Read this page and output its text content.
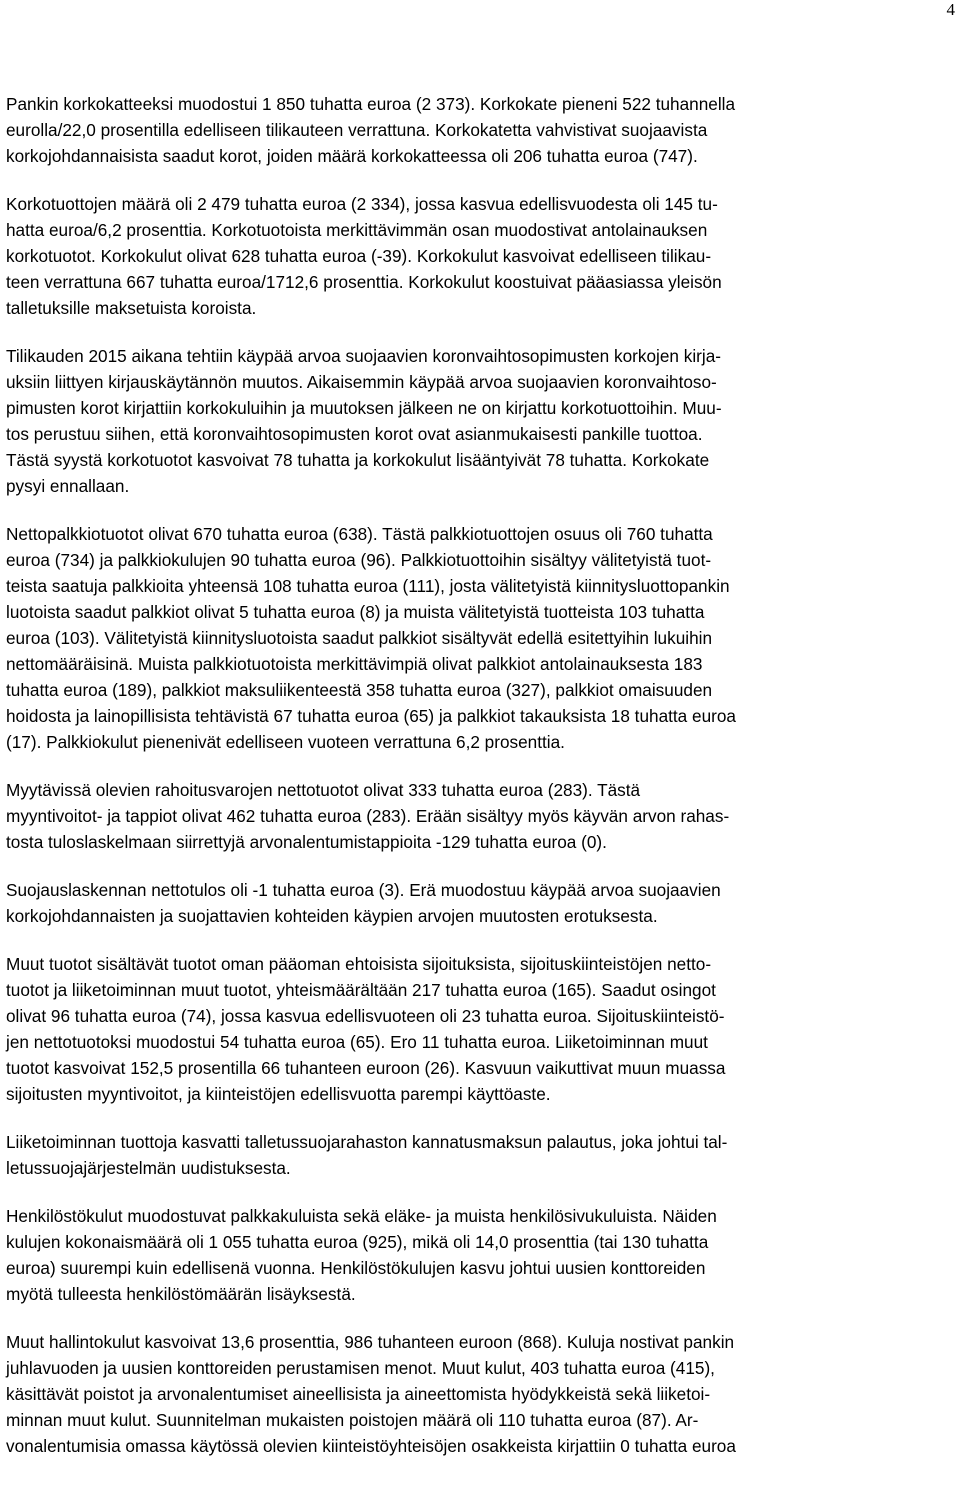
4

Pankin korkokatteeksi muodostui 1 850 tuhatta euroa (2 373). Korkokate pieneni 522 tuhannella
eurolla/22,0 prosentilla edelliseen tilikauteen verrattuna. Korkokatetta vahvistivat suojaavista
korkojohdannaisista saadut korot, joiden määrä korkokatteessa oli 206 tuhatta euroa (747).

Korkotuottojen määrä oli 2 479 tuhatta euroa (2 334), jossa kasvua edellisvuodesta oli 145 tu-
hatta euroa/6,2 prosenttia. Korkotuotoista merkittävimmän osan muodostivat antolainauksen
korkotuotot. Korkokulut olivat 628 tuhatta euroa (-39). Korkokulut kasvoivat edelliseen tilikau-
teen verrattuna 667 tuhatta euroa/1712,6 prosenttia. Korkokulut koostuivat pääasiassa yleisön
talletuksille maksetuista koroista.

Tilikauden 2015 aikana tehtiin käypää arvoa suojaavien koronvaihtosopimusten korkojen kirja-
uksiin liittyen kirjauskäytännön muutos. Aikaisemmin käypää arvoa suojaavien koronvaihtoso-
pimusten korot kirjattiin korkokuluihin ja muutoksen jälkeen ne on kirjattu korkotuottoihin. Muu-
tos perustuu siihen, että koronvaihtosopimusten korot ovat asianmukaisesti pankille tuottoa.
Tästä syystä korkotuotot kasvoivat 78 tuhatta ja korkokulut lisääntyivät 78 tuhatta. Korkokate
pysyi ennallaan.

Nettopalkkiotuotot olivat 670 tuhatta euroa (638). Tästä palkkiotuottojen osuus oli 760 tuhatta
euroa (734) ja palkkiokulujen 90 tuhatta euroa (96). Palkkiotuottoihin sisältyy välitetyistä tuot-
teista saatuja palkkioita yhteensä 108 tuhatta euroa (111), josta välitetyistä kiinnitysluottopankin
luotoista saadut palkkiot olivat 5 tuhatta euroa (8) ja muista välitetyistä tuotteista 103 tuhatta
euroa (103). Välitetyistä kiinnitysluotoista saadut palkkiot sisältyvät edellä esitettyihin lukuihin
nettomääräisinä. Muista palkkiotuotoista merkittävimpiä olivat palkkiot antolainauksesta 183
tuhatta euroa (189), palkkiot maksuliikenteestä 358 tuhatta euroa (327), palkkiot omaisuuden
hoidosta ja lainopillisista tehtävistä 67 tuhatta euroa (65) ja palkkiot takauksista 18 tuhatta euroa
(17). Palkkiokulut pienenivät edelliseen vuoteen verrattuna 6,2 prosenttia.

Myytävissä olevien rahoitusvarojen nettotuotot olivat 333 tuhatta euroa (283). Tästä
myyntivoitot- ja tappiot olivat 462 tuhatta euroa (283). Erään sisältyy myös käyvän arvon rahas-
tosta tuloslaskelmaan siirrettyjä arvonalentumistappioita -129 tuhatta euroa (0).

Suojauslaskennan nettotulos oli -1 tuhatta euroa (3). Erä muodostuu käypää arvoa suojaavien
korkojohdannaisten ja suojattavien kohteiden käypien arvojen muutosten erotuksesta.

Muut tuotot sisältävät tuotot oman pääoman ehtoisista sijoituksista, sijoituskiinteistöjen netto-
tuotot ja liiketoiminnan muut tuotot, yhteismäärältään 217 tuhatta euroa (165). Saadut osingot
olivat 96 tuhatta euroa (74), jossa kasvua edellisvuoteen oli 23 tuhatta euroa. Sijoituskiinteistö-
jen nettotuotoksi muodostui 54 tuhatta euroa (65). Ero 11 tuhatta euroa. Liiketoiminnan muut
tuotot kasvoivat 152,5 prosentilla 66 tuhanteen euroon (26). Kasvuun vaikuttivat muun muassa
sijoitusten myyntivoitot, ja kiinteistöjen edellisvuotta parempi käyttöaste.

Liiketoiminnan tuottoja kasvatti talletussuojarahaston kannatusmaksun palautus, joka johtui tal-
letussuojajärjestelmän uudistuksesta.

Henkilöstökulut muodostuvat palkkakuluista sekä eläke- ja muista henkilösivukuluista. Näiden
kulujen kokonaismäärä oli 1 055 tuhatta euroa (925), mikä oli 14,0 prosenttia (tai 130 tuhatta
euroa) suurempi kuin edellisenä vuonna. Henkilöstökulujen kasvu johtui uusien konttoreiden
myötä tulleesta henkilöstömäärän lisäyksestä.

Muut hallintokulut kasvoivat 13,6 prosenttia, 986 tuhanteen euroon (868). Kuluja nostivat pankin
juhlavuoden ja uusien konttoreiden perustamisen menot. Muut kulut, 403 tuhatta euroa (415),
käsittävät poistot ja arvonalentumiset aineellisista ja aineettomista hyödykkeistä sekä liiketoi-
minnan muut kulut. Suunnitelman mukaisten poistojen määrä oli 110 tuhatta euroa (87). Ar-
vonalentumisia omassa käytössä olevien kiinteistöyhteisöjen osakkeista kirjattiin 0 tuhatta euroa
